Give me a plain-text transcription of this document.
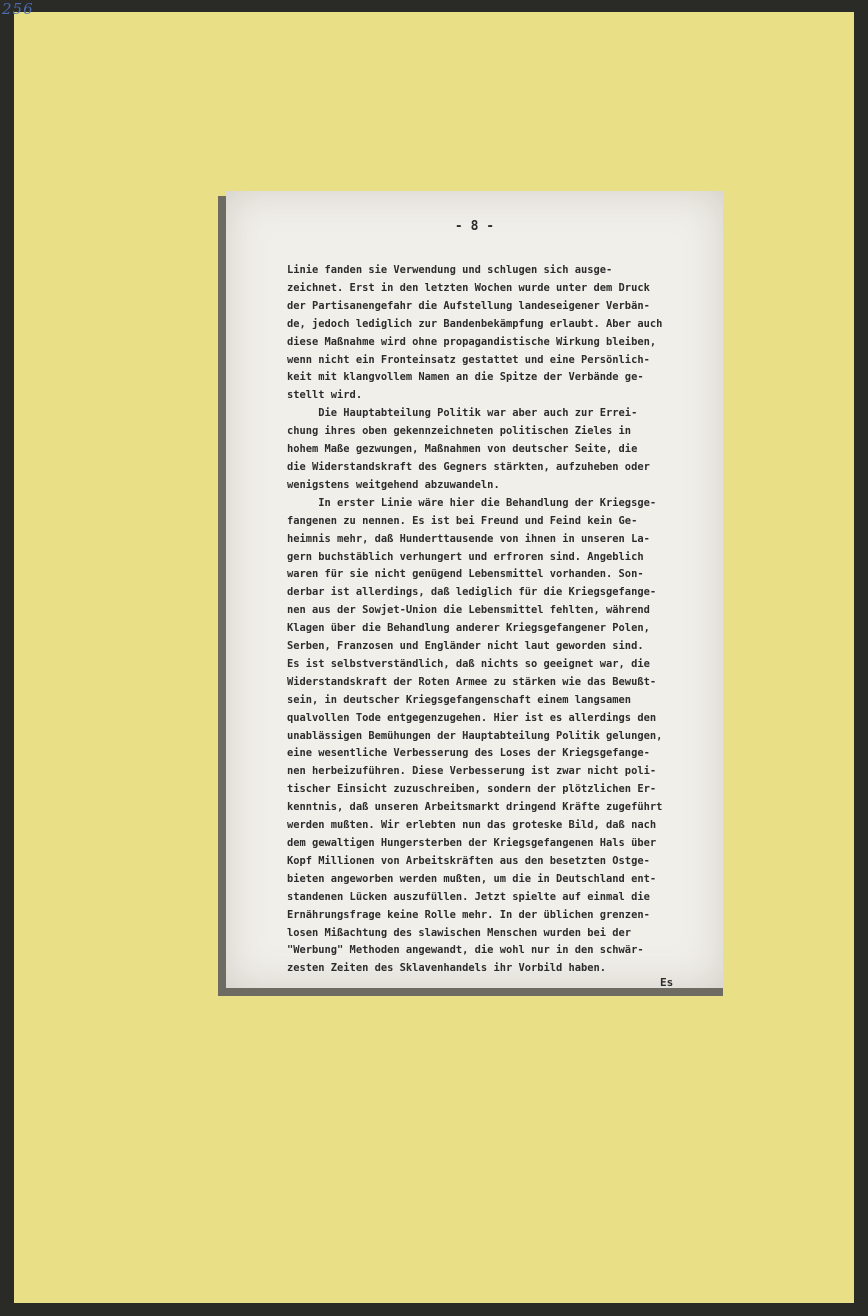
256
- 8 -
Linie fanden sie Verwendung und schlugen sich ausge-
zeichnet. Erst in den letzten Wochen wurde unter dem Druck
der Partisanengefahr die Aufstellung landeseigener Verbän-
de, jedoch lediglich zur Bandenbekämpfung erlaubt. Aber auch
diese Maßnahme wird ohne propagandistische Wirkung bleiben,
wenn nicht ein Fronteinsatz gestattet und eine Persönlich-
keit mit klangvollem Namen an die Spitze der Verbände ge-
stellt wird.
Die Hauptabteilung Politik war aber auch zur Errei-
chung ihres oben gekennzeichneten politischen Zieles in
hohem Maße gezwungen, Maßnahmen von deutscher Seite, die
die Widerstandskraft des Gegners stärkten, aufzuheben oder
wenigstens weitgehend abzuwandeln.
In erster Linie wäre hier die Behandlung der Kriegsge-
fangenen zu nennen. Es ist bei Freund und Feind kein Ge-
heimnis mehr, daß Hunderttausende von ihnen in unseren La-
gern buchstäblich verhungert und erfroren sind. Angeblich
waren für sie nicht genügend Lebensmittel vorhanden. Son-
derbar ist allerdings, daß lediglich für die Kriegsgefange-
nen aus der Sowjet-Union die Lebensmittel fehlten, während
Klagen über die Behandlung anderer Kriegsgefangener Polen,
Serben, Franzosen und Engländer nicht laut geworden sind.
Es ist selbstverständlich, daß nichts so geeignet war, die
Widerstandskraft der Roten Armee zu stärken wie das Bewußt-
sein, in deutscher Kriegsgefangenschaft einem langsamen
qualvollen Tode entgegenzugehen. Hier ist es allerdings den
unablässigen Bemühungen der Hauptabteilung Politik gelungen,
eine wesentliche Verbesserung des Loses der Kriegsgefange-
nen herbeizuführen. Diese Verbesserung ist zwar nicht poli-
tischer Einsicht zuzuschreiben, sondern der plötzlichen Er-
kenntnis, daß unseren Arbeitsmarkt dringend Kräfte zugeführt
werden mußten. Wir erlebten nun das groteske Bild, daß nach
dem gewaltigen Hungersterben der Kriegsgefangenen Hals über
Kopf Millionen von Arbeitskräften aus den besetzten Ostge-
bieten angeworben werden mußten, um die in Deutschland ent-
standenen Lücken auszufüllen. Jetzt spielte auf einmal die
Ernährungsfrage keine Rolle mehr. In der üblichen grenzen-
losen Mißachtung des slawischen Menschen wurden bei der
"Werbung" Methoden angewandt, die wohl nur in den schwär-
zesten Zeiten des Sklavenhandels ihr Vorbild haben.
Es
